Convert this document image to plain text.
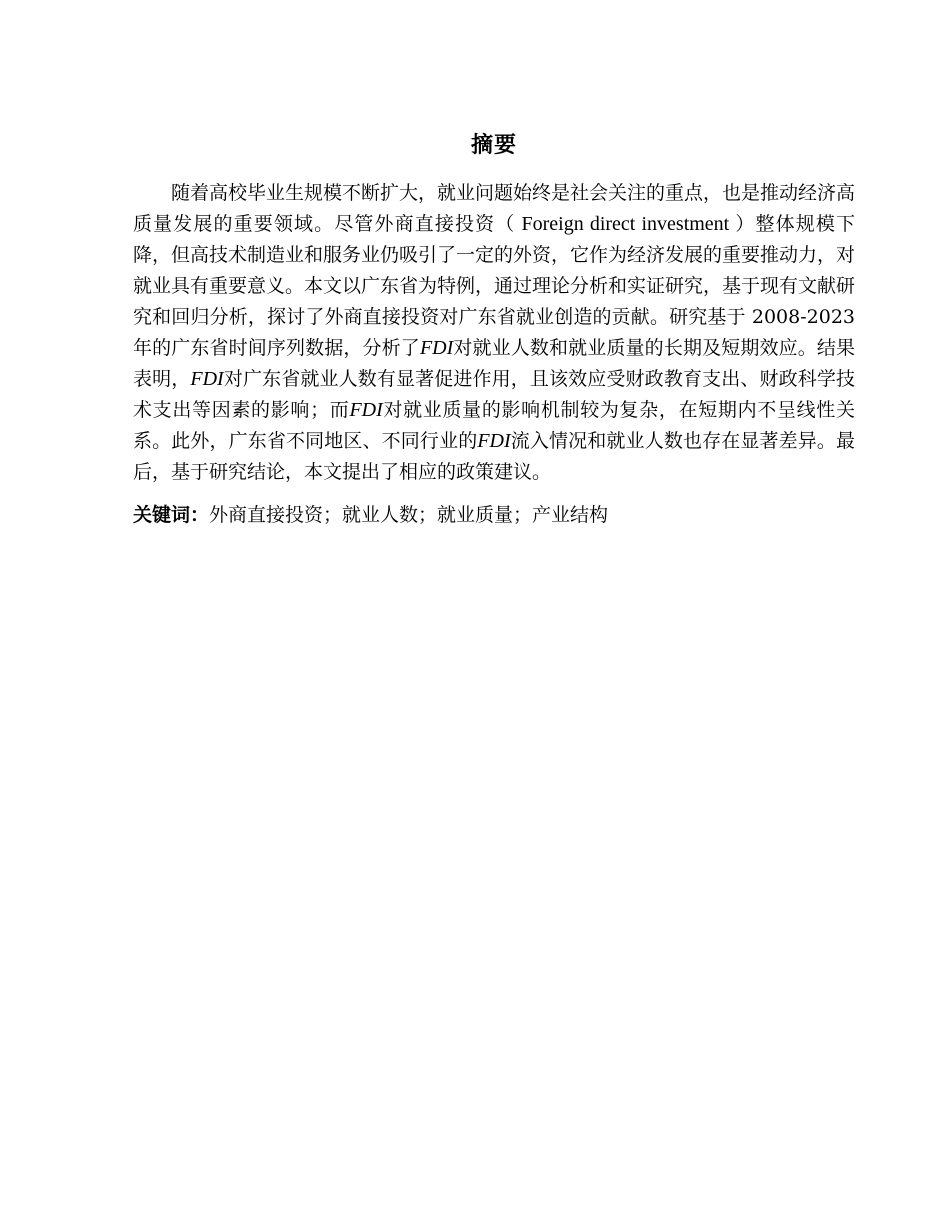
摘要

随着高校毕业生规模不断扩大，就业问题始终是社会关注的重点，也是推动经济高质量发展的重要领域。尽管外商直接投资（ Foreign direct investment ）整体规模下降，但高技术制造业和服务业仍吸引了一定的外资，它作为经济发展的重要推动力，对就业具有重要意义。本文以广东省为特例，通过理论分析和实证研究，基于现有文献研究和回归分析，探讨了外商直接投资对广东省就业创造的贡献。研究基于 2008-2023 年的广东省时间序列数据，分析了FDI对就业人数和就业质量的长期及短期效应。结果表明，FDI对广东省就业人数有显著促进作用，且该效应受财政教育支出、财政科学技术支出等因素的影响；而FDI对就业质量的影响机制较为复杂，在短期内不呈线性关系。此外，广东省不同地区、不同行业的FDI流入情况和就业人数也存在显著差异。最后，基于研究结论，本文提出了相应的政策建议。

关键词：外商直接投资；就业人数；就业质量；产业结构
